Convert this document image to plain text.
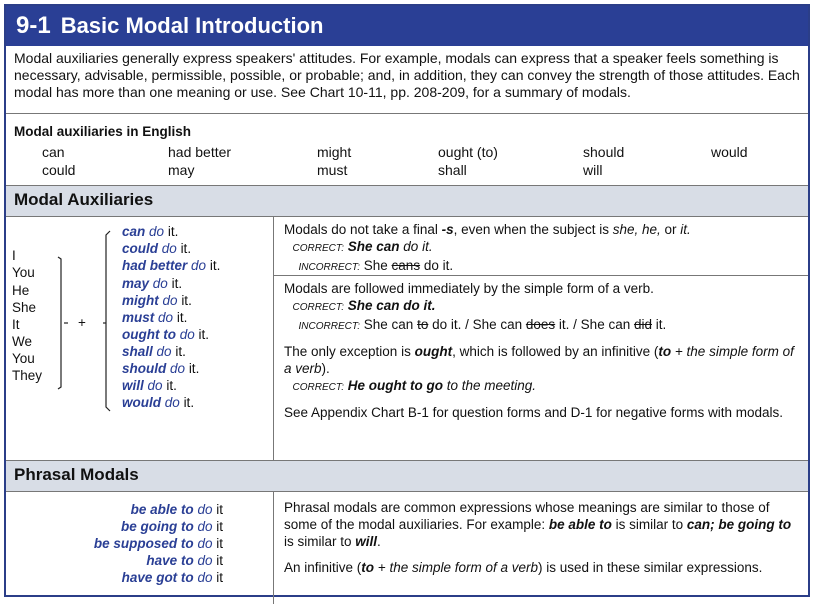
9-1 Basic Modal Introduction
Modal auxiliaries generally express speakers' attitudes. For example, modals can express that a speaker feels something is necessary, advisable, permissible, possible, or probable; and, in addition, they can convey the strength of those attitudes. Each modal has more than one meaning or use. See Chart 10-11, pp. 208-209, for a summary of modals.
Modal auxiliaries in English
can
could
had better
may
might
must
ought (to)
shall
should
will
would
Modal Auxiliaries
I
You
He
She
It
We
You
They
+
can do it.
could do it.
had better do it.
may do it.
might do it.
must do it.
ought to do it.
shall do it.
should do it.
will do it.
would do it.
Modals do not take a final -s, even when the subject is she, he, or it.
CORRECT: She can do it.
INCORRECT: She cans do it.

Modals are followed immediately by the simple form of a verb.

CORRECT: She can do it.
INCORRECT: She can to do it. / She can does it. / She can did it.

The only exception is ought, which is followed by an infinitive (to + the simple form of a verb).

CORRECT: He ought to go to the meeting.

See Appendix Chart B-1 for question forms and D-1 for negative forms with modals.

Phrasal Modals
be able to do it
be going to do it
be supposed to do it
have to do it
have got to do it

Phrasal modals are common expressions whose meanings are similar to those of some of the modal auxiliaries. For example: be able to is similar to can; be going to is similar to will.

An infinitive (to + the simple form of a verb) is used in these similar expressions.
